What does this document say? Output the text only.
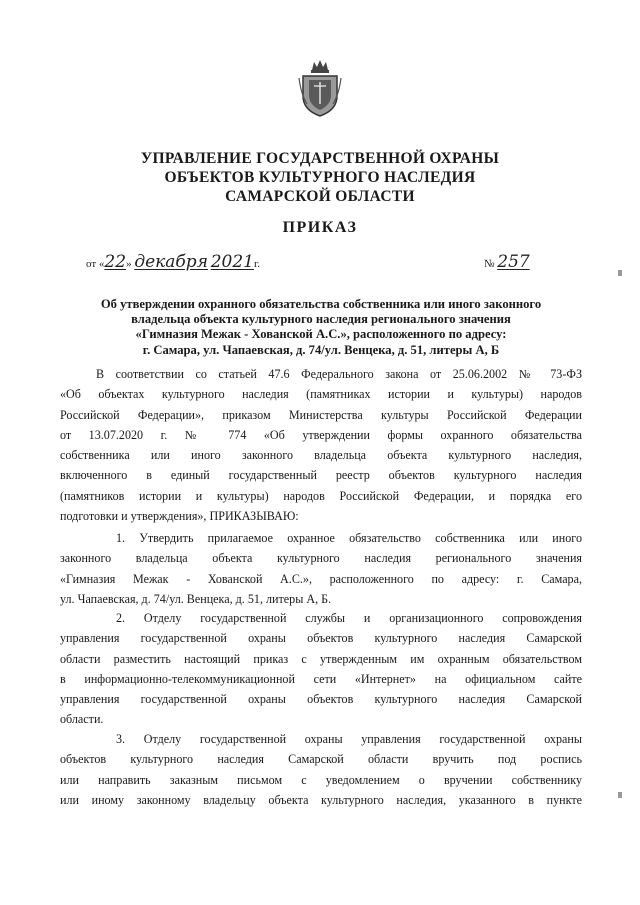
УПРАВЛЕНИЕ ГОСУДАРСТВЕННОЙ ОХРАНЫ
ОБЪЕКТОВ КУЛЬТУРНОГО НАСЛЕДИЯ
САМАРСКОЙ ОБЛАСТИ
ПРИКАЗ
от «22» декабря 2021г.	№ 257
Об утверждении охранного обязательства собственника или иного законного
владельца объекта культурного наследия регионального значения
«Гимназия Межак - Хованской А.С.», расположенного по адресу:
г. Самара, ул. Чапаевская, д. 74/ул. Венцека, д. 51, литеры А, Б
В соответствии со статьей 47.6 Федерального закона от 25.06.2002 № 73-ФЗ
«Об объектах культурного наследия (памятниках истории и культуры) народов
Российской Федерации», приказом Министерства культуры Российской Федерации
от 13.07.2020 г. № 774 «Об утверждении формы охранного обязательства
собственника или иного законного владельца объекта культурного наследия,
включенного в единый государственный реестр объектов культурного наследия
(памятников истории и культуры) народов Российской Федерации, и порядка его
подготовки и утверждения», ПРИКАЗЫВАЮ:
1. Утвердить прилагаемое охранное обязательство собственника или иного
законного владельца объекта культурного наследия регионального значения
«Гимназия Межак - Хованской А.С.», расположенного по адресу: г. Самара,
ул. Чапаевская, д. 74/ул. Венцека, д. 51, литеры А, Б.
2. Отделу государственной службы и организационного сопровождения
управления государственной охраны объектов культурного наследия Самарской
области разместить настоящий приказ с утвержденным им охранным обязательством
в информационно-телекоммуникационной сети «Интернет» на официальном сайте
управления государственной охраны объектов культурного наследия Самарской
области.
3. Отделу государственной охраны управления государственной охраны
объектов культурного наследия Самарской области вручить под роспись
или направить заказным письмом с уведомлением о вручении собственнику
или иному законному владельцу объекта культурного наследия, указанного в пункте
